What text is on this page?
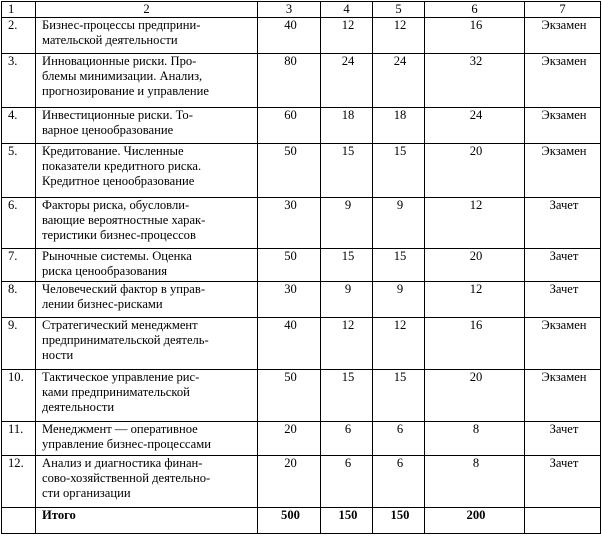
1	2	3	4	5	6	7
2.	Бизнес-процессы предприни-
мательской деятельности	40	12	12	16	Экзамен
3.	Инновационные риски. Про-
блемы минимизации. Анализ,
прогнозирование и управление	80	24	24	32	Экзамен
4.	Инвестиционные риски. То-
варное ценообразование	60	18	18	24	Экзамен
5.	Кредитование. Численные
показатели кредитного риска.
Кредитное ценообразование	50	15	15	20	Экзамен
6.	Факторы риска, обусловли-
вающие вероятностные харак-
теристики бизнес-процессов	30	9	9	12	Зачет
7.	Рыночные системы. Оценка
риска ценообразования	50	15	15	20	Зачет
8.	Человеческий фактор в управ-
лении бизнес-рисками	30	9	9	12	Зачет
9.	Стратегический менеджмент
предпринимательской деятель-
ности	40	12	12	16	Экзамен
10.	Тактическое управление рис-
ками предпринимательской
деятельности	50	15	15	20	Экзамен
11.	Менеджмент — оперативное
управление бизнес-процессами	20	6	6	8	Зачет
12.	Анализ и диагностика финан-
сово-хозяйственной деятельно-
сти организации	20	6	6	8	Зачет
	Итого	500	150	150	200	
